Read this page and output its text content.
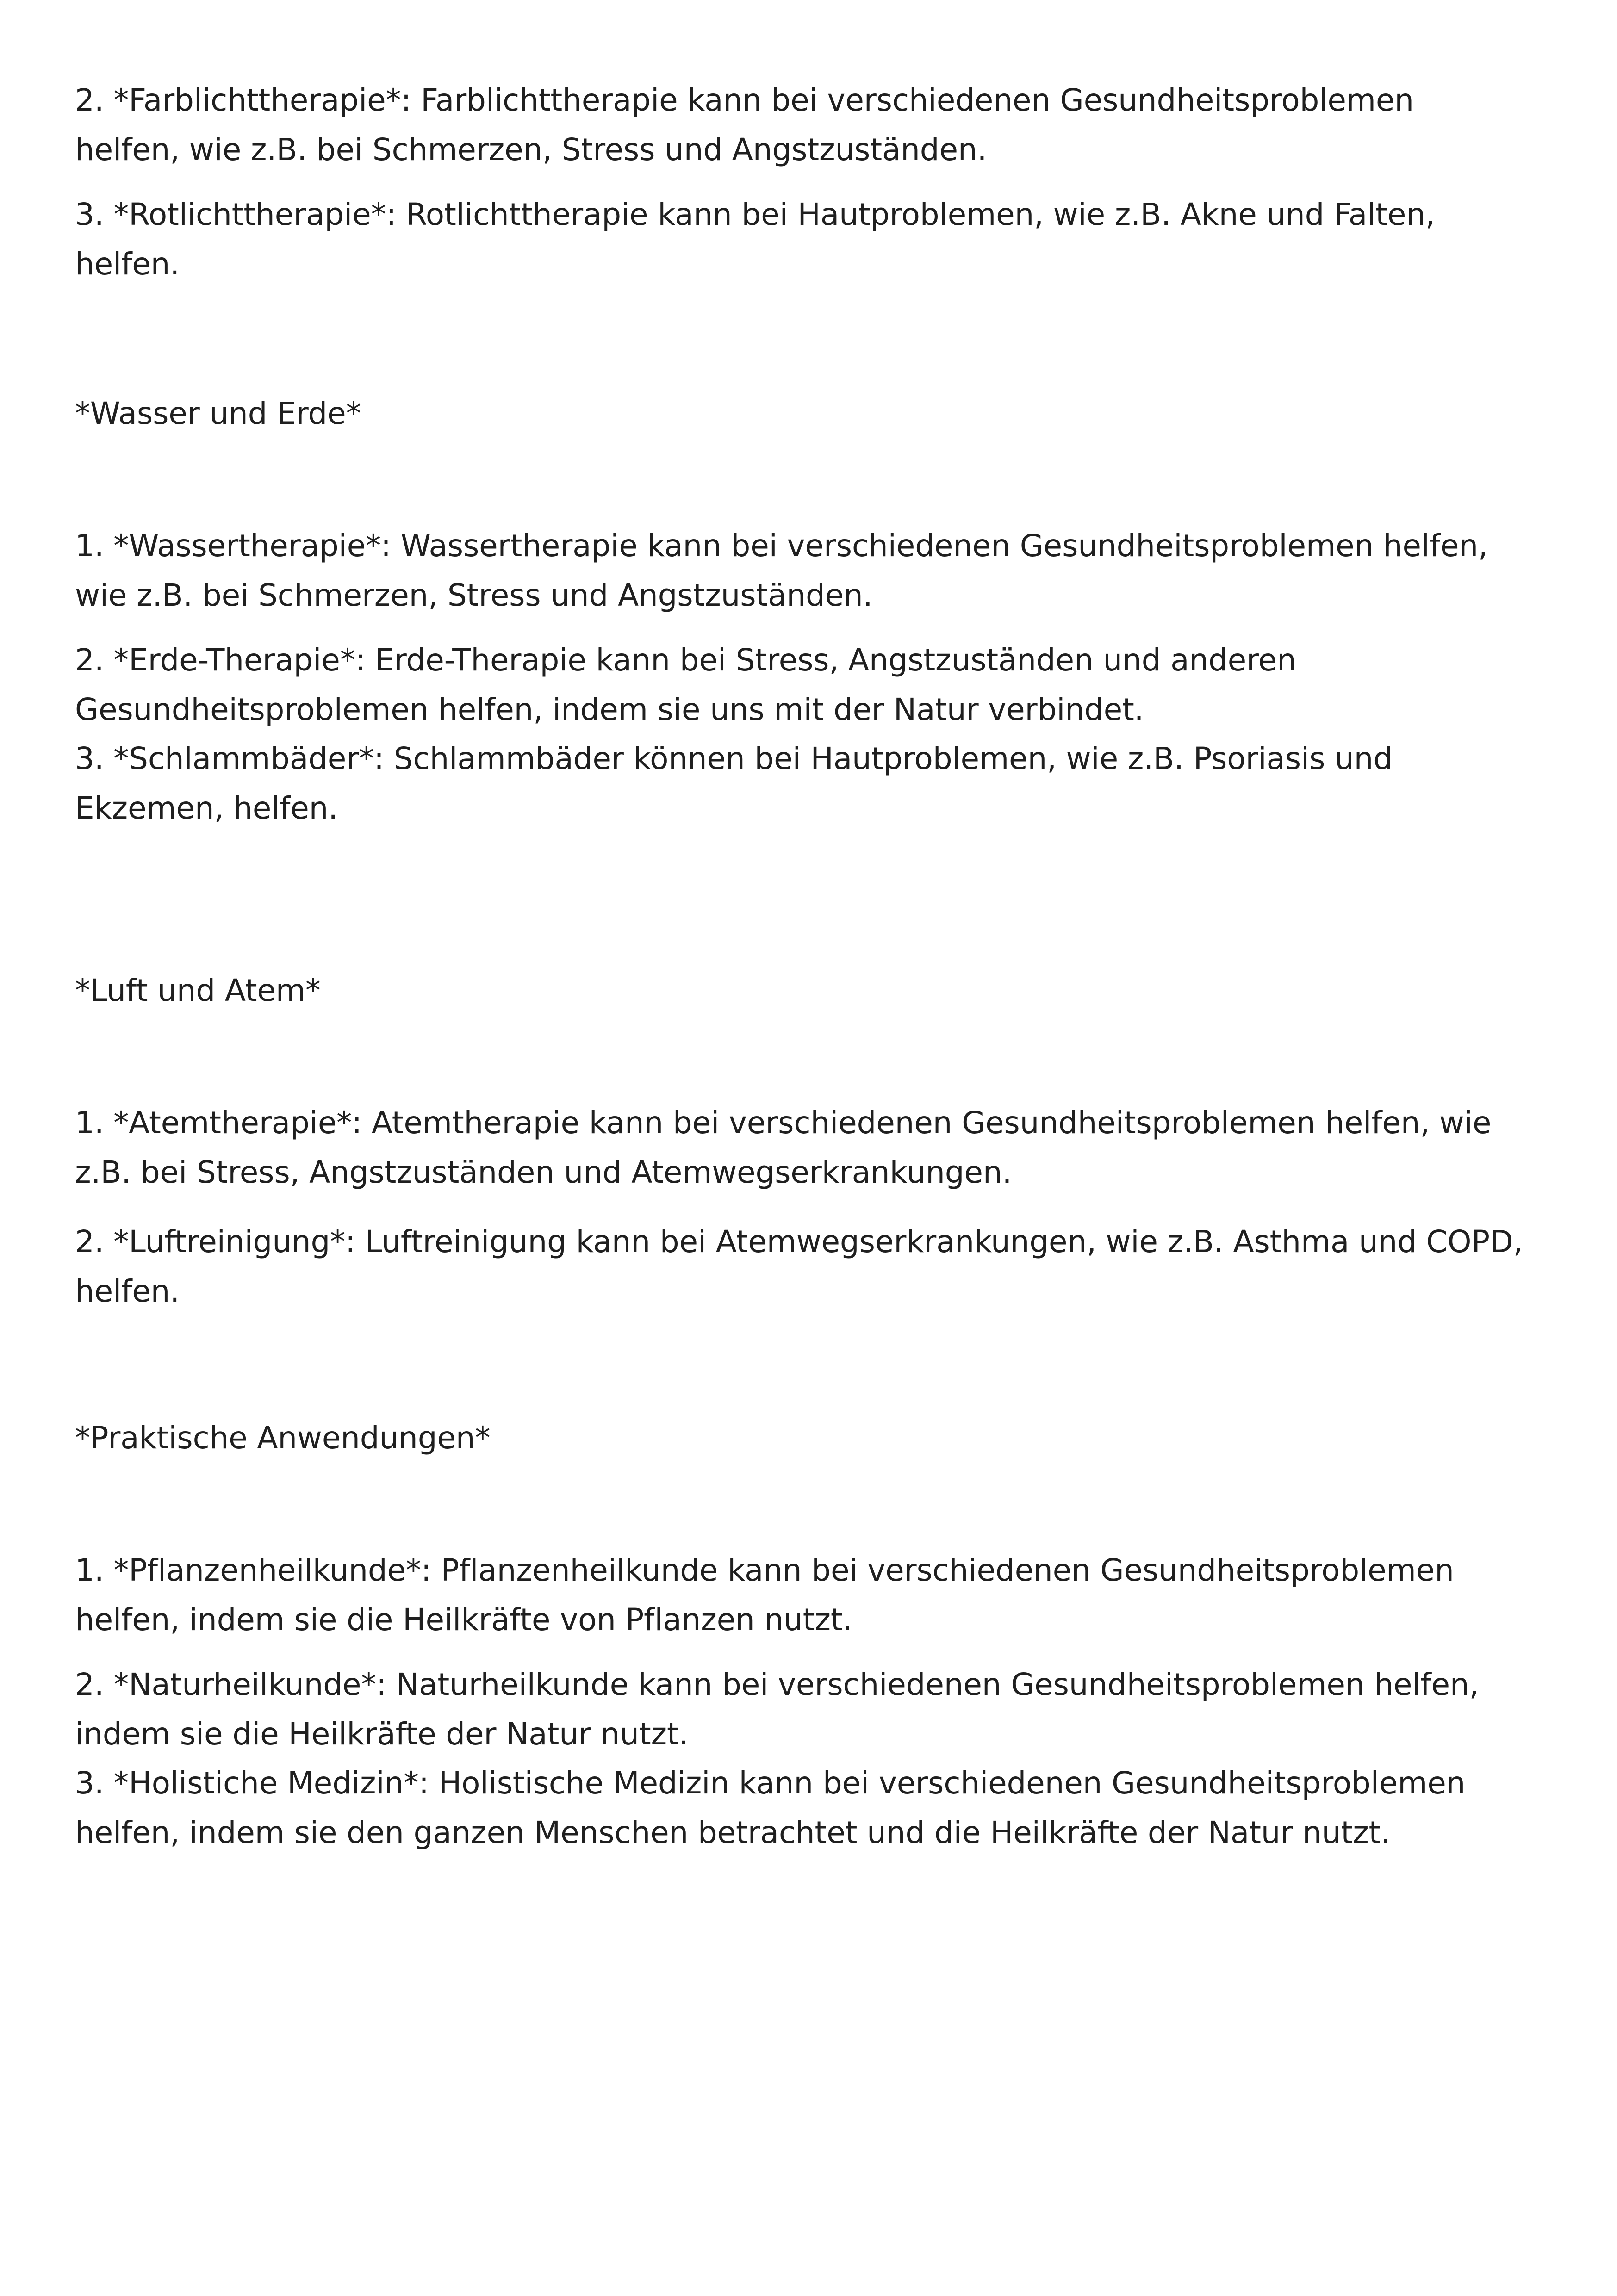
2. *Farblichttherapie*: Farblichttherapie kann bei verschiedenen Gesundheitsproblemen
helfen, wie z.B. bei Schmerzen, Stress und Angstzuständen.

3. *Rotlichttherapie*: Rotlichttherapie kann bei Hautproblemen, wie z.B. Akne und Falten,
helfen.

*Wasser und Erde*

1. *Wassertherapie*: Wassertherapie kann bei verschiedenen Gesundheitsproblemen helfen,
wie z.B. bei Schmerzen, Stress und Angstzuständen.

2. *Erde-Therapie*: Erde-Therapie kann bei Stress, Angstzuständen und anderen
Gesundheitsproblemen helfen, indem sie uns mit der Natur verbindet.

3. *Schlammbäder*: Schlammbäder können bei Hautproblemen, wie z.B. Psoriasis und
Ekzemen, helfen.

*Luft und Atem*

1. *Atemtherapie*: Atemtherapie kann bei verschiedenen Gesundheitsproblemen helfen, wie
z.B. bei Stress, Angstzuständen und Atemwegserkrankungen.

2. *Luftreinigung*: Luftreinigung kann bei Atemwegserkrankungen, wie z.B. Asthma und COPD,
helfen.

*Praktische Anwendungen*

1. *Pflanzenheilkunde*: Pflanzenheilkunde kann bei verschiedenen Gesundheitsproblemen
helfen, indem sie die Heilkräfte von Pflanzen nutzt.

2. *Naturheilkunde*: Naturheilkunde kann bei verschiedenen Gesundheitsproblemen helfen,
indem sie die Heilkräfte der Natur nutzt.

3. *Holistiche Medizin*: Holistische Medizin kann bei verschiedenen Gesundheitsproblemen
helfen, indem sie den ganzen Menschen betrachtet und die Heilkräfte der Natur nutzt.
